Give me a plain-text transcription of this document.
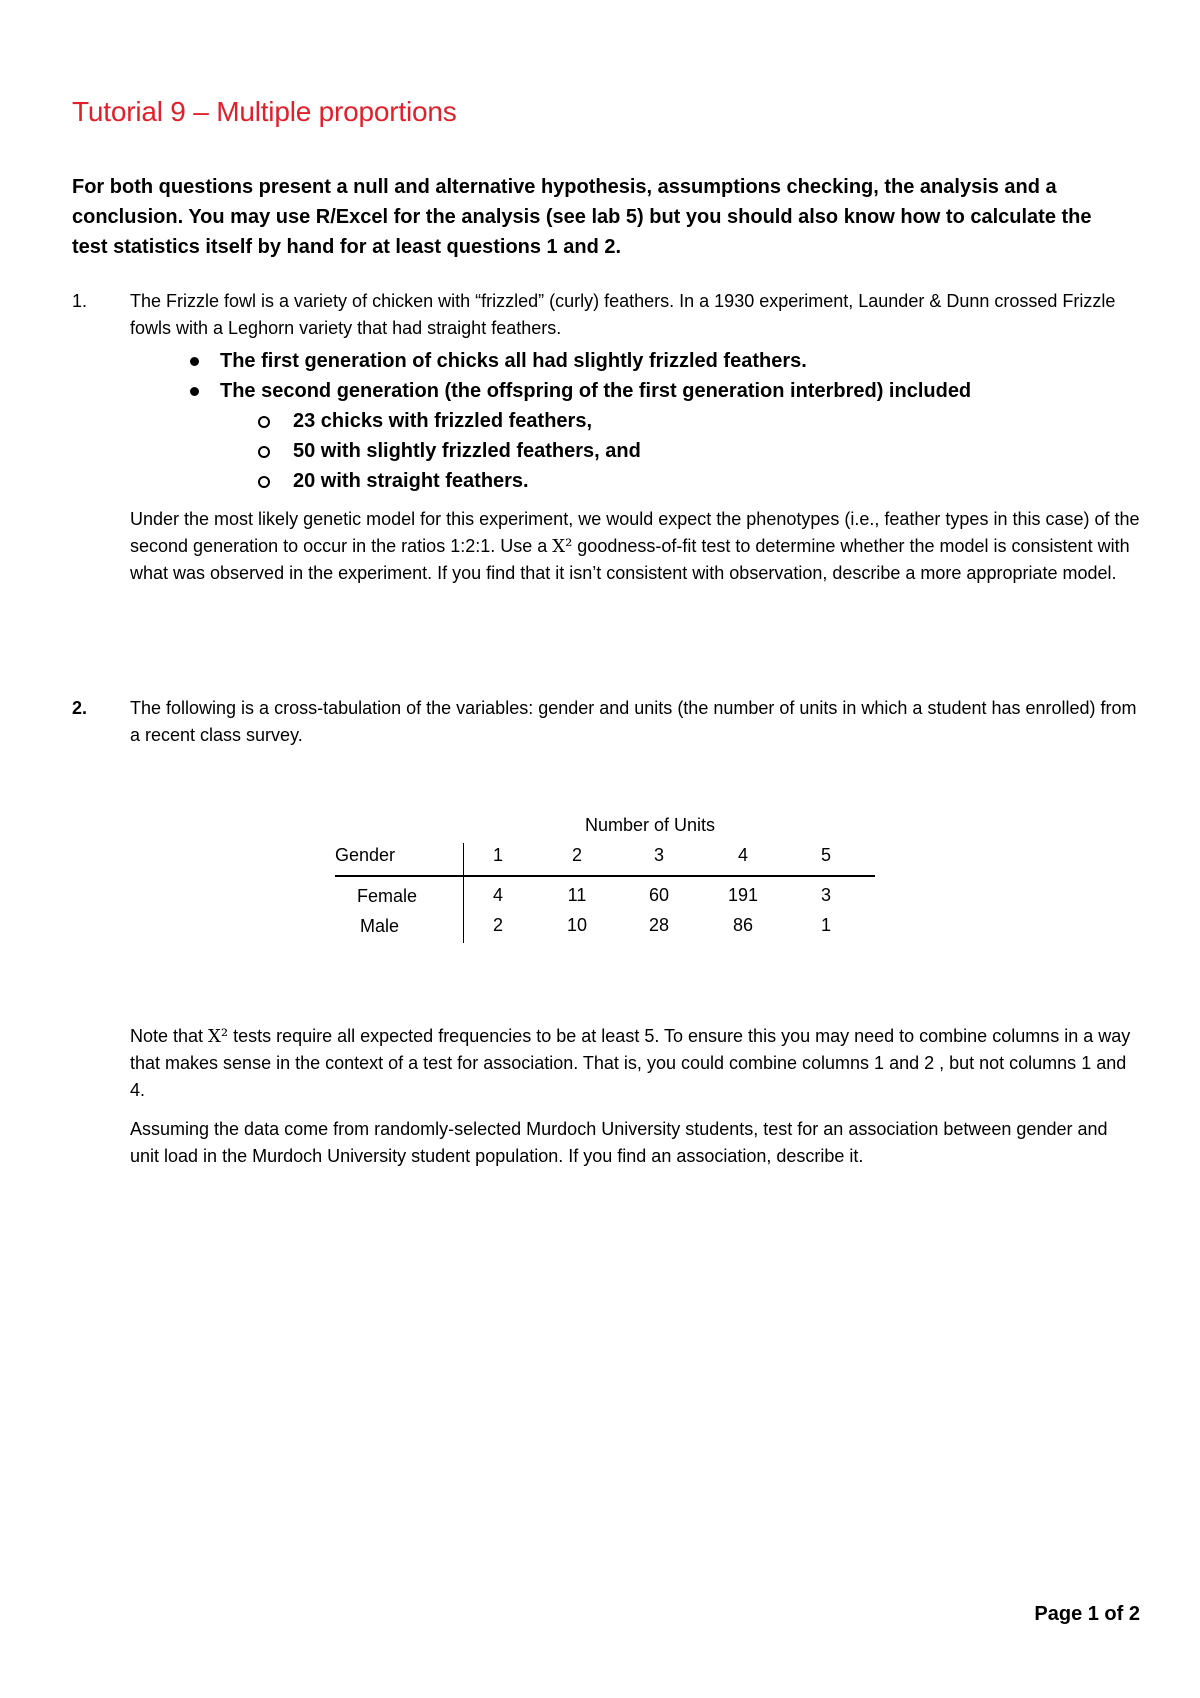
Tutorial 9 – Multiple proportions

For both questions present a null and alternative hypothesis, assumptions checking, the analysis and a conclusion. You may use R/Excel for the analysis (see lab 5) but you should also know how to calculate the test statistics itself by hand for at least questions 1 and 2.

1. The Frizzle fowl is a variety of chicken with “frizzled” (curly) feathers. In a 1930 experiment, Launder & Dunn crossed Frizzle fowls with a Leghorn variety that had straight feathers.

The first generation of chicks all had slightly frizzled feathers.
The second generation (the offspring of the first generation interbred) included
23 chicks with frizzled feathers,
50 with slightly frizzled feathers, and
20 with straight feathers.

Under the most likely genetic model for this experiment, we would expect the phenotypes (i.e., feather types in this case) of the second generation to occur in the ratios 1:2:1. Use a X² goodness-of-fit test to determine whether the model is consistent with what was observed in the experiment. If you find that it isn’t consistent with observation, describe a more appropriate model.

2. The following is a cross-tabulation of the variables: gender and units (the number of units in which a student has enrolled) from a recent class survey.

Number of Units
Gender	1	2	3	4	5
Female	4	11	60	191	3
Male	2	10	28	86	1

Note that X² tests require all expected frequencies to be at least 5. To ensure this you may need to combine columns in a way that makes sense in the context of a test for association. That is, you could combine columns 1 and 2 , but not columns 1 and 4.

Assuming the data come from randomly-selected Murdoch University students, test for an association between gender and unit load in the Murdoch University student population. If you find an association, describe it.

Page 1 of 2
